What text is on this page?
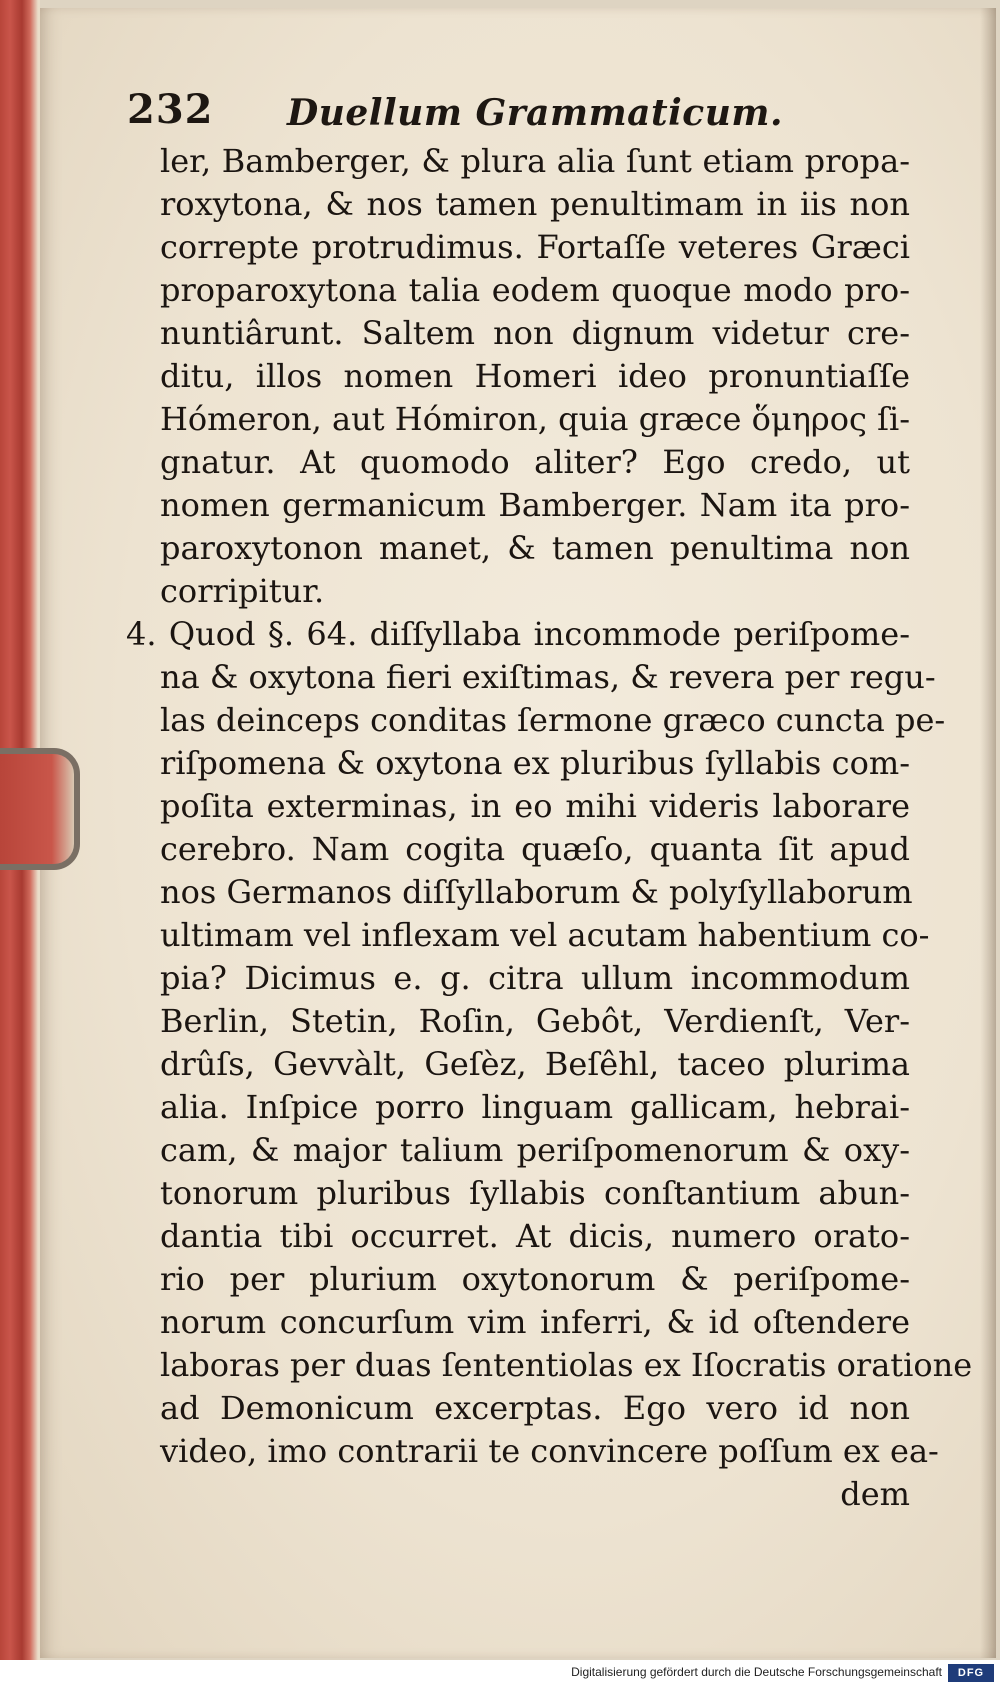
232 Duellum Grammaticum.
ler, Bamberger, & plura alia ſunt etiam propa-
roxytona, & nos tamen penultimam in iis non
correpte protrudimus. Fortaſſe veteres Græci
proparoxytona talia eodem quoque modo pro-
nuntiârunt. Saltem non dignum videtur cre-
ditu, illos nomen Homeri ideo pronuntiaſſe
Hómeron, aut Hómiron, quia græce ὅμηρος ſi-
gnatur. At quomodo aliter? Ego credo, ut
nomen germanicum Bamberger. Nam ita pro-
paroxytonon manet, & tamen penultima non
corripitur.
4. Quod §. 64. diſſyllaba incommode periſpome-
na & oxytona fieri exiſtimas, & revera per regu-
las deinceps conditas ſermone græco cuncta pe-
riſpomena & oxytona ex pluribus ſyllabis com-
poſita exterminas, in eo mihi videris laborare
cerebro. Nam cogita quæſo, quanta ſit apud
nos Germanos diſſyllaborum & polyſyllaborum
ultimam vel inflexam vel acutam habentium co-
pia? Dicimus e. g. citra ullum incommodum
Berlin, Stetin, Roſin, Gebôt, Verdienſt, Ver-
drûſs, Gevvàlt, Geſèz, Beſêhl, taceo plurima
alia. Inſpice porro linguam gallicam, hebrai-
cam, & major talium periſpomenorum & oxy-
tonorum pluribus ſyllabis conſtantium abun-
dantia tibi occurret. At dicis, numero orato-
rio per plurium oxytonorum & periſpome-
norum concurſum vim inferri, & id oſtendere
laboras per duas ſententiolas ex Iſocratis oratione
ad Demonicum excerptas. Ego vero id non
video, imo contrarii te convincere poſſum ex ea-
dem
Digitalisierung gefördert durch die Deutsche Forschungsgemeinschaft	DFG
